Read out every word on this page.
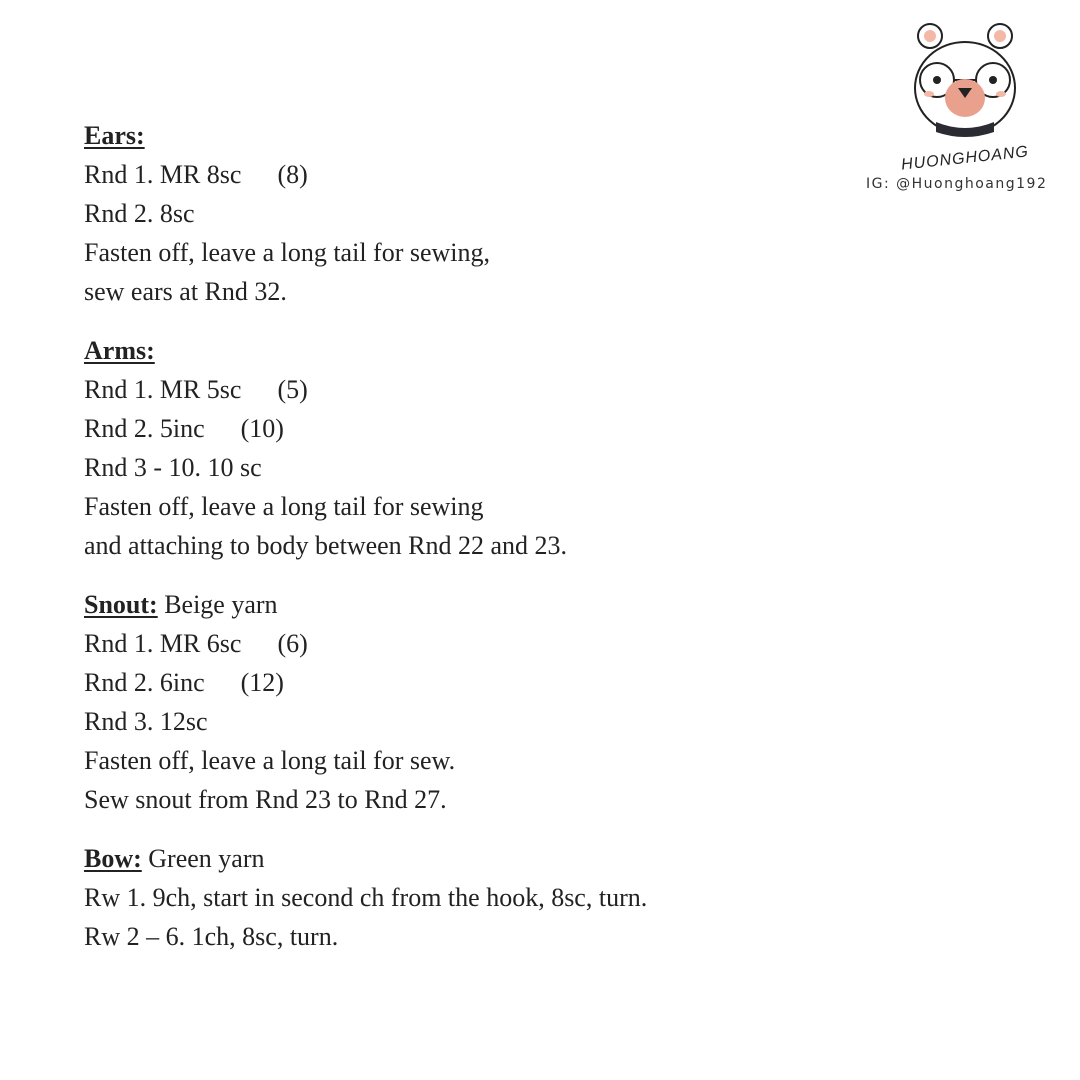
HUONGHOANG
IG: @Huonghoang192
Ears:
Rnd 1. MR 8sc (8)
Rnd 2. 8sc
Fasten off, leave a long tail for sewing,
sew ears at Rnd 32.
Arms:
Rnd 1. MR 5sc (5)
Rnd 2. 5inc (10)
Rnd 3 - 10. 10 sc
Fasten off, leave a long tail for sewing
and attaching to body between Rnd 22 and 23.
Snout: Beige yarn
Rnd 1. MR 6sc (6)
Rnd 2. 6inc (12)
Rnd 3. 12sc
Fasten off, leave a long tail for sew.
Sew snout from Rnd 23 to Rnd 27.
Bow: Green yarn
Rw 1. 9ch, start in second ch from the hook, 8sc, turn.
Rw 2 – 6. 1ch, 8sc, turn.
